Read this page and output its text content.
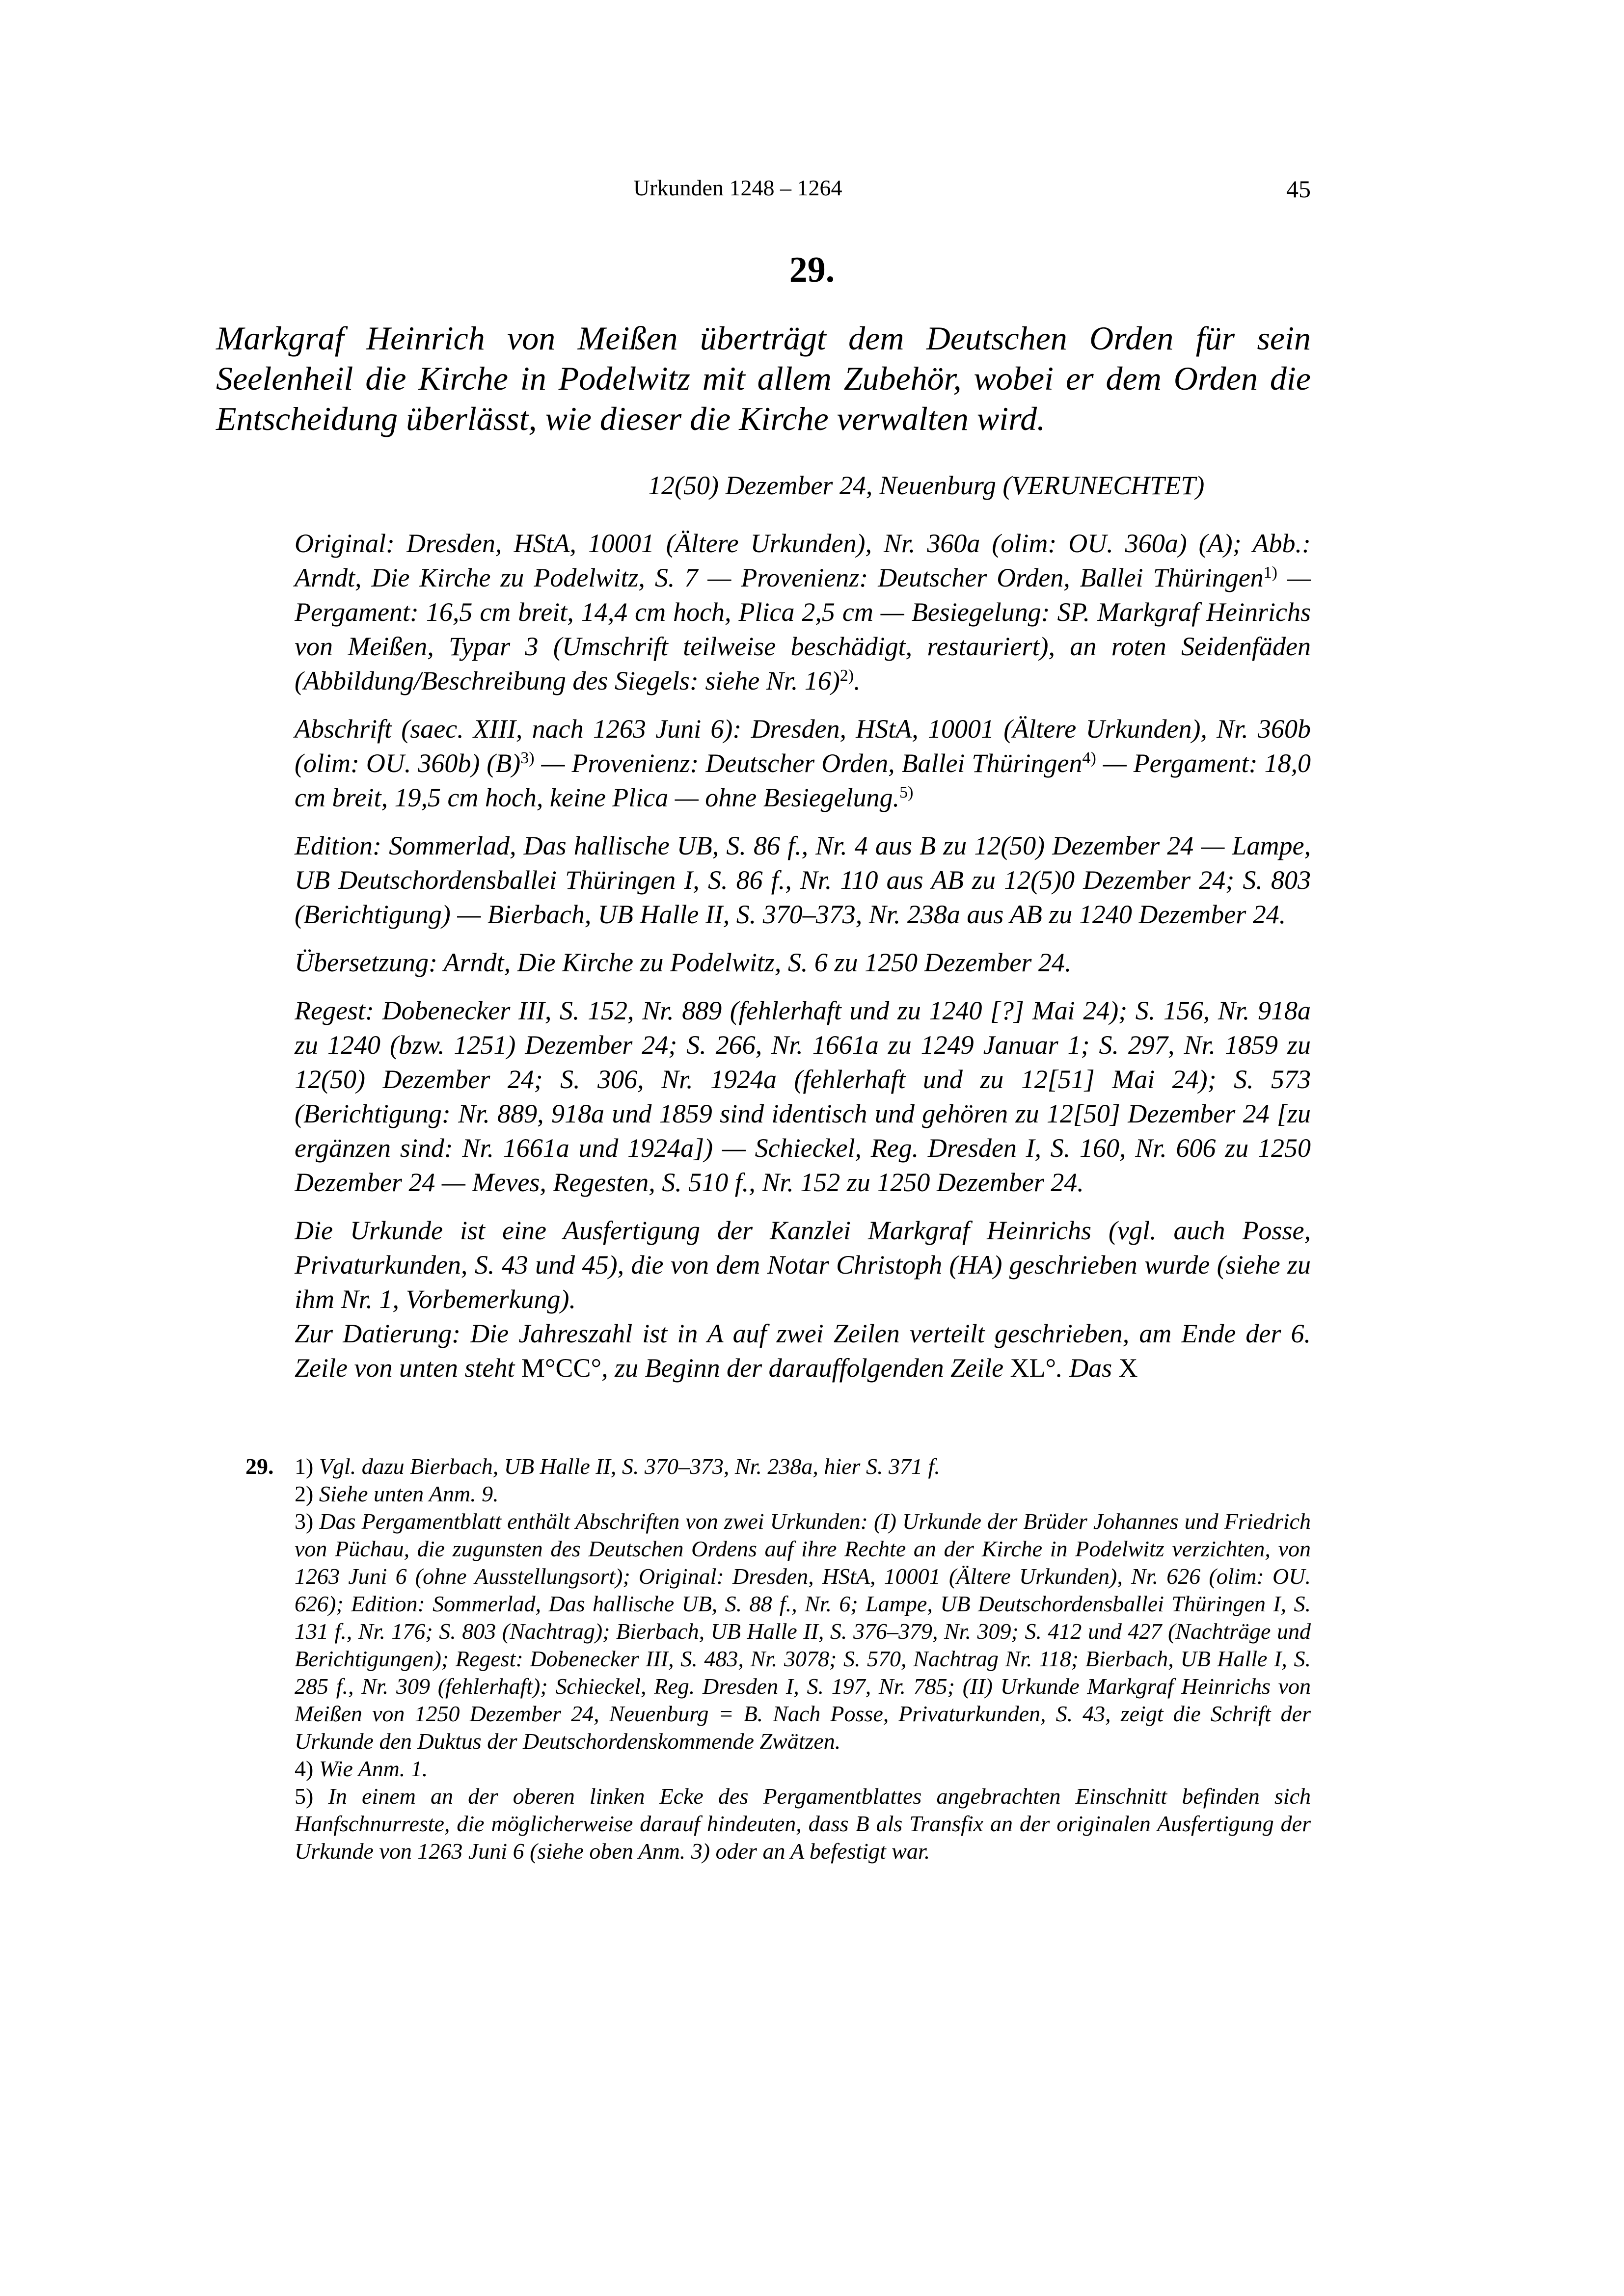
Urkunden 1248 – 1264	45
29.
Markgraf Heinrich von Meißen überträgt dem Deutschen Orden für sein Seelenheil die Kirche in Podelwitz mit allem Zubehör, wobei er dem Orden die Entscheidung überlässt, wie dieser die Kirche verwalten wird.
12(50) Dezember 24, Neuenburg (VERUNECHTET)

Original: Dresden, HStA, 10001 (Ältere Urkunden), Nr. 360a (olim: OU. 360a) (A); Abb.: Arndt, Die Kirche zu Podelwitz, S. 7 — Provenienz: Deutscher Orden, Ballei Thüringen$^{1)}$ — Pergament: 16,5 cm breit, 14,4 cm hoch, Plica 2,5 cm — Besiegelung: SP. Markgraf Heinrichs von Meißen, Typar 3 (Umschrift teilweise beschädigt, restauriert), an roten Seidenfäden (Abbildung/Beschreibung des Siegels: siehe Nr. 16)$^{2)}$.

Abschrift (saec. XIII, nach 1263 Juni 6): Dresden, HStA, 10001 (Ältere Urkunden), Nr. 360b (olim: OU. 360b) $(B)^{3)}$ — Provenienz: Deutscher Orden, Ballei Thüringen$^{4)}$ — Pergament: 18,0 cm breit, 19,5 cm hoch, keine Plica — ohne Besiegelung.$^{5)}$

Edition: Sommerlad, Das hallische UB, S. 86 f., Nr. 4 aus B zu 12(50) Dezember 24 — Lampe, UB Deutschordensballei Thüringen I, S. 86 f., Nr. 110 aus AB zu 12(5)0 Dezember 24; S. 803 (Berichtigung) — Bierbach, UB Halle II, S. 370–373, Nr. 238a aus AB zu 1240 Dezember 24.

Übersetzung: Arndt, Die Kirche zu Podelwitz, S. 6 zu 1250 Dezember 24.

Regest: Dobenecker III, S. 152, Nr. 889 (fehlerhaft und zu 1240 [?] Mai 24); S. 156, Nr. 918a zu 1240 (bzw. 1251) Dezember 24; S. 266, Nr. 1661a zu 1249 Januar 1; S. 297, Nr. 1859 zu 12(50) Dezember 24; S. 306, Nr. 1924a (fehlerhaft und zu 12[51] Mai 24); S. 573 (Berichtigung: Nr. 889, 918a und 1859 sind identisch und gehören zu 12[50] Dezember 24 [zu ergänzen sind: Nr. 1661a und 1924a]) — Schieckel, Reg. Dresden I, S. 160, Nr. 606 zu 1250 Dezember 24 — Meves, Regesten, S. 510 f., Nr. 152 zu 1250 Dezember 24.

Die Urkunde ist eine Ausfertigung der Kanzlei Markgraf Heinrichs (vgl. auch Posse, Privaturkunden, S. 43 und 45), die von dem Notar Christoph (HA) geschrieben wurde (siehe zu ihm Nr. 1, Vorbemerkung).

Zur Datierung: Die Jahreszahl ist in A auf zwei Zeilen verteilt geschrieben, am Ende der 6. Zeile von unten steht M°CC°, zu Beginn der darauffolgenden Zeile XL°. Das X

29. 1) Vgl. dazu Bierbach, UB Halle II, S. 370–373, Nr. 238a, hier S. 371 f.

2) Siehe unten Anm. 9.

3) Das Pergamentblatt enthält Abschriften von zwei Urkunden: (I) Urkunde der Brüder Johannes und Friedrich von Püchau, die zugunsten des Deutschen Ordens auf ihre Rechte an der Kirche in Podelwitz verzichten, von 1263 Juni 6 (ohne Ausstellungsort); Original: Dresden, HStA, 10001 (Ältere Urkunden), Nr. 626 (olim: OU. 626); Edition: Sommerlad, Das hallische UB, S. 88 f., Nr. 6; Lampe, UB Deutschordensballei Thüringen I, S. 131 f., Nr. 176; S. 803 (Nachtrag); Bierbach, UB Halle II, S. 376–379, Nr. 309; S. 412 und 427 (Nachträge und Berichtigungen); Regest: Dobenecker III, S. 483, Nr. 3078; S. 570, Nachtrag Nr. 118; Bierbach, UB Halle I, S. 285 f., Nr. 309 (fehlerhaft); Schieckel, Reg. Dresden I, S. 197, Nr. 785; (II) Urkunde Markgraf Heinrichs von Meißen von 1250 Dezember 24, Neuenburg = B. Nach Posse, Privaturkunden, S. 43, zeigt die Schrift der Urkunde den Duktus der Deutschordenskommende Zwätzen.

4) Wie Anm. 1.

5) In einem an der oberen linken Ecke des Pergamentblattes angebrachten Einschnitt befinden sich Hanfschnurreste, die möglicherweise darauf hindeuten, dass B als Transfix an der originalen Ausfertigung der Urkunde von 1263 Juni 6 (siehe oben Anm. 3) oder an A befestigt war.
